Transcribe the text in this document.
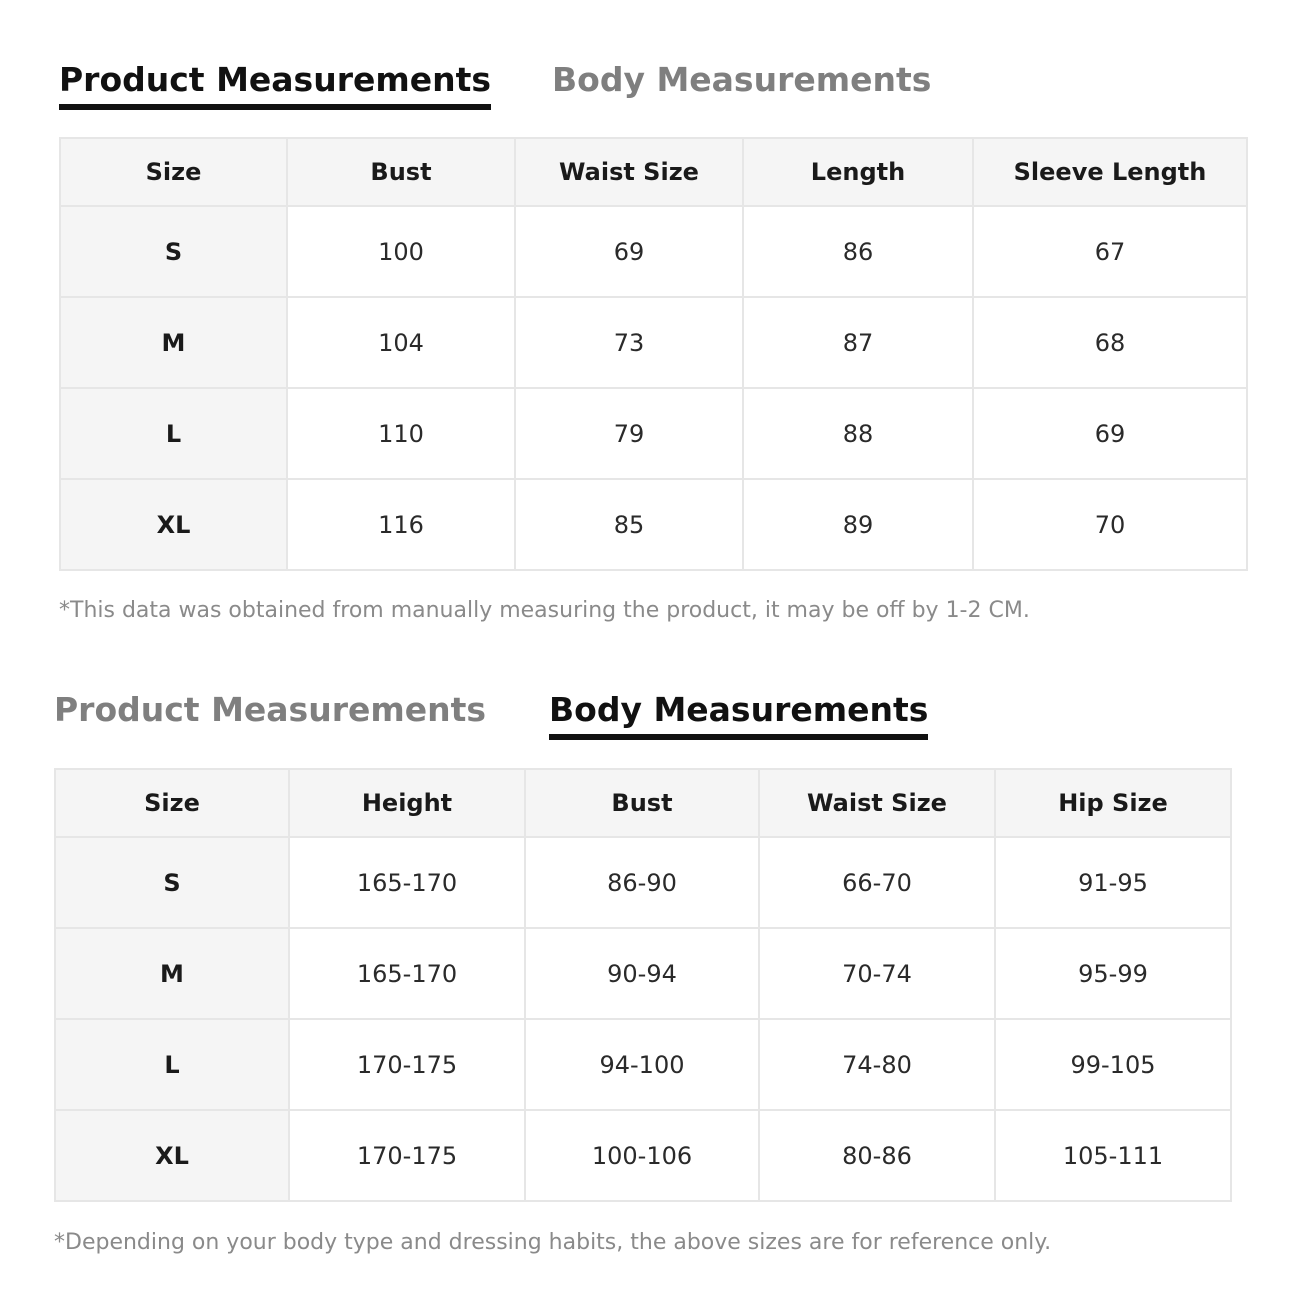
Product Measurements Body Measurements
Size	Bust	Waist Size	Length	Sleeve Length
S	100	69	86	67
M	104	73	87	68
L	110	79	88	69
XL	116	85	89	70
*This data was obtained from manually measuring the product, it may be off by 1-2 CM.
Product Measurements Body Measurements
Size	Height	Bust	Waist Size	Hip Size
S	165-170	86-90	66-70	91-95
M	165-170	90-94	70-74	95-99
L	170-175	94-100	74-80	99-105
XL	170-175	100-106	80-86	105-111
*Depending on your body type and dressing habits, the above sizes are for reference only.
